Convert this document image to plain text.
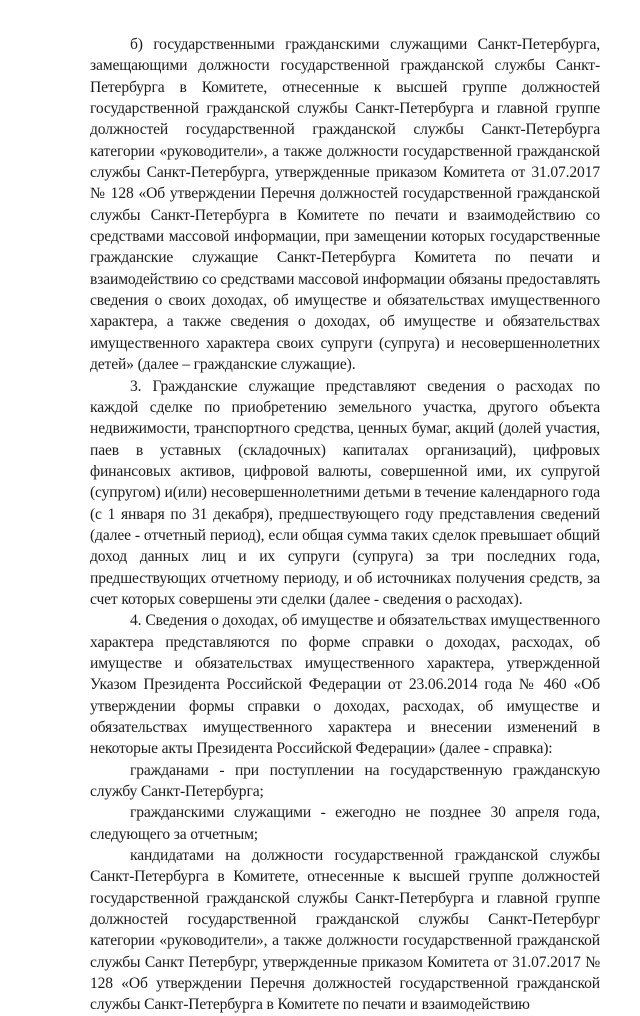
б) государственными гражданскими служащими Санкт-Петербурга, замещающими должности государственной гражданской службы Санкт-Петербурга в Комитете, отнесенные к высшей группе должностей государственной гражданской службы Санкт-Петербурга и главной группе должностей государственной гражданской службы Санкт-Петербурга категории «руководители», а также должности государственной гражданской службы Санкт-Петербурга, утвержденные приказом Комитета от 31.07.2017 № 128 «Об утверждении Перечня должностей государственной гражданской службы Санкт-Петербурга в Комитете по печати и взаимодействию со средствами массовой информации, при замещении которых государственные гражданские служащие Санкт-Петербурга Комитета по печати и взаимодействию со средствами массовой информации обязаны предоставлять сведения о своих доходах, об имуществе и обязательствах имущественного характера, а также сведения о доходах, об имуществе и обязательствах имущественного характера своих супруги (супруга) и несовершеннолетних детей» (далее – гражданские служащие).

3. Гражданские служащие представляют сведения о расходах по каждой сделке по приобретению земельного участка, другого объекта недвижимости, транспортного средства, ценных бумаг, акций (долей участия, паев в уставных (складочных) капиталах организаций), цифровых финансовых активов, цифровой валюты, совершенной ими, их супругой (супругом) и(или) несовершеннолетними детьми в течение календарного года (с 1 января по 31 декабря), предшествующего году представления сведений (далее - отчетный период), если общая сумма таких сделок превышает общий доход данных лиц и их супруги (супруга) за три последних года, предшествующих отчетному периоду, и об источниках получения средств, за счет которых совершены эти сделки (далее - сведения о расходах).

4. Сведения о доходах, об имуществе и обязательствах имущественного характера представляются по форме справки о доходах, расходах, об имуществе и обязательствах имущественного характера, утвержденной Указом Президента Российской Федерации от 23.06.2014 года № 460 «Об утверждении формы справки о доходах, расходах, об имуществе и обязательствах имущественного характера и внесении изменений в некоторые акты Президента Российской Федерации» (далее - справка):

гражданами - при поступлении на государственную гражданскую службу Санкт-Петербурга;

гражданскими служащими - ежегодно не позднее 30 апреля года, следующего за отчетным;

кандидатами на должности государственной гражданской службы Санкт-Петербурга в Комитете, отнесенные к высшей группе должностей государственной гражданской службы Санкт-Петербурга и главной группе должностей государственной гражданской службы Санкт-Петербург категории «руководители», а также должности государственной гражданской службы Санкт Петербург, утвержденные приказом Комитета от 31.07.2017 № 128 «Об утверждении Перечня должностей государственной гражданской службы Санкт-Петербурга в Комитете по печати и взаимодействию
